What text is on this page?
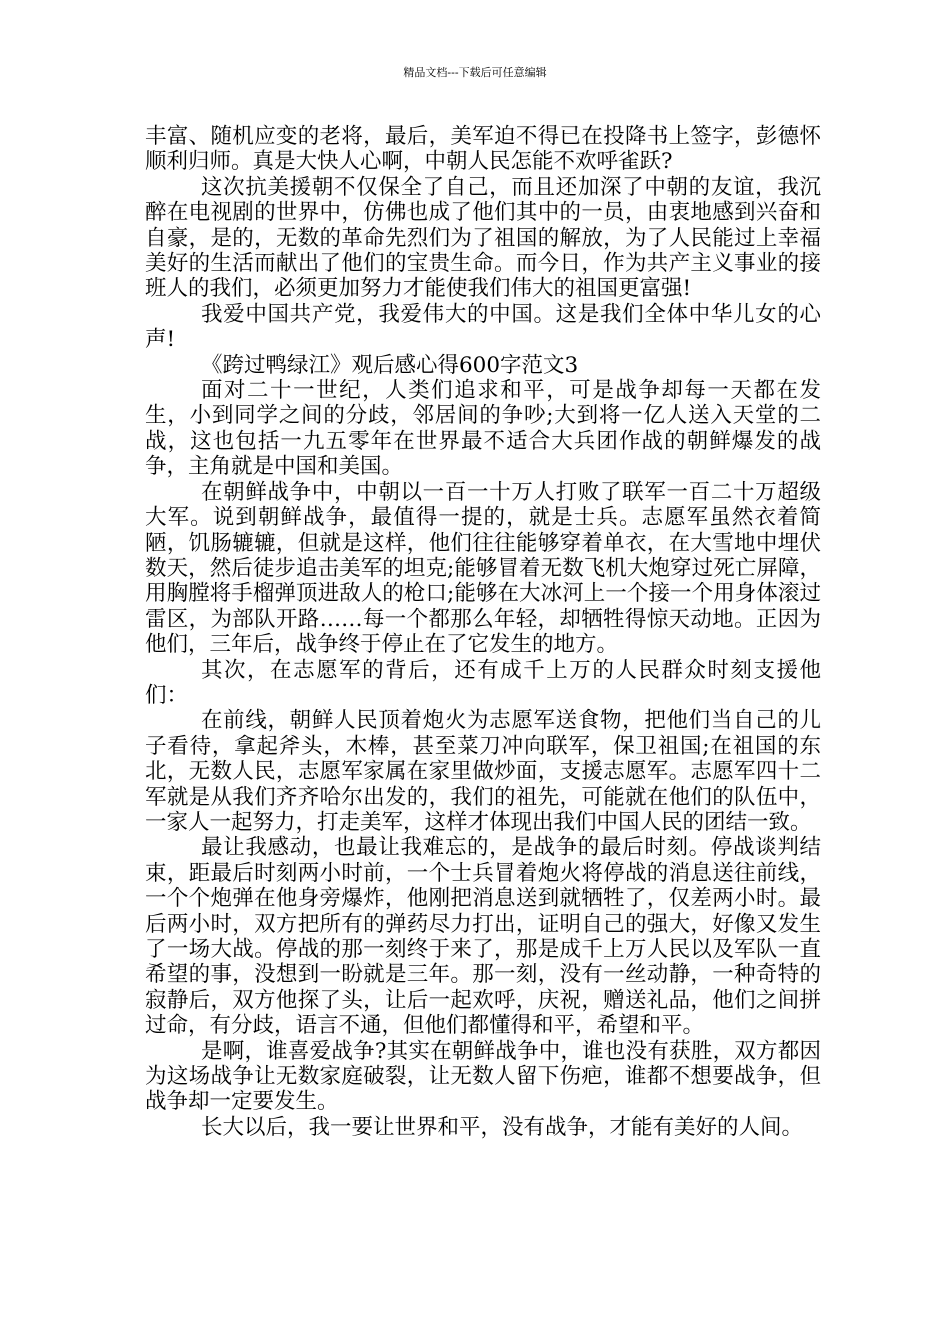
精品文档---下载后可任意编辑

丰富、随机应变的老将，最后，美军迫不得已在投降书上签字，彭德怀顺利归师。真是大快人心啊，中朝人民怎能不欢呼雀跃?

这次抗美援朝不仅保全了自己，而且还加深了中朝的友谊，我沉醉在电视剧的世界中，仿佛也成了他们其中的一员，由衷地感到兴奋和自豪，是的，无数的革命先烈们为了祖国的解放，为了人民能过上幸福美好的生活而献出了他们的宝贵生命。而今日，作为共产主义事业的接班人的我们，必须更加努力才能使我们伟大的祖国更富强!

我爱中国共产党，我爱伟大的中国。这是我们全体中华儿女的心声!

《跨过鸭绿江》观后感心得600字范文3

面对二十一世纪，人类们追求和平，可是战争却每一天都在发生，小到同学之间的分歧，邻居间的争吵;大到将一亿人送入天堂的二战，这也包括一九五零年在世界最不适合大兵团作战的朝鲜爆发的战争，主角就是中国和美国。

在朝鲜战争中，中朝以一百一十万人打败了联军一百二十万超级大军。说到朝鲜战争，最值得一提的，就是士兵。志愿军虽然衣着简陋，饥肠辘辘，但就是这样，他们往往能够穿着单衣，在大雪地中埋伏数天，然后徒步追击美军的坦克;能够冒着无数飞机大炮穿过死亡屏障，用胸膛将手榴弹顶进敌人的枪口;能够在大冰河上一个接一个用身体滚过雷区，为部队开路……每一个都那么年轻，却牺牲得惊天动地。正因为他们，三年后，战争终于停止在了它发生的地方。

其次，在志愿军的背后，还有成千上万的人民群众时刻支援他们：

在前线，朝鲜人民顶着炮火为志愿军送食物，把他们当自己的儿子看待，拿起斧头，木棒，甚至菜刀冲向联军，保卫祖国;在祖国的东北，无数人民，志愿军家属在家里做炒面，支援志愿军。志愿军四十二军就是从我们齐齐哈尔出发的，我们的祖先，可能就在他们的队伍中，一家人一起努力，打走美军，这样才体现出我们中国人民的团结一致。

最让我感动，也最让我难忘的，是战争的最后时刻。停战谈判结束，距最后时刻两小时前，一个士兵冒着炮火将停战的消息送往前线，一个个炮弹在他身旁爆炸，他刚把消息送到就牺牲了，仅差两小时。最后两小时，双方把所有的弹药尽力打出，证明自己的强大，好像又发生了一场大战。停战的那一刻终于来了，那是成千上万人民以及军队一直希望的事，没想到一盼就是三年。那一刻，没有一丝动静，一种奇特的寂静后，双方他探了头，让后一起欢呼，庆祝，赠送礼品，他们之间拼过命，有分歧，语言不通，但他们都懂得和平，希望和平。

是啊，谁喜爱战争?其实在朝鲜战争中，谁也没有获胜，双方都因为这场战争让无数家庭破裂，让无数人留下伤疤，谁都不想要战争，但战争却一定要发生。

长大以后，我一要让世界和平，没有战争，才能有美好的人间。
